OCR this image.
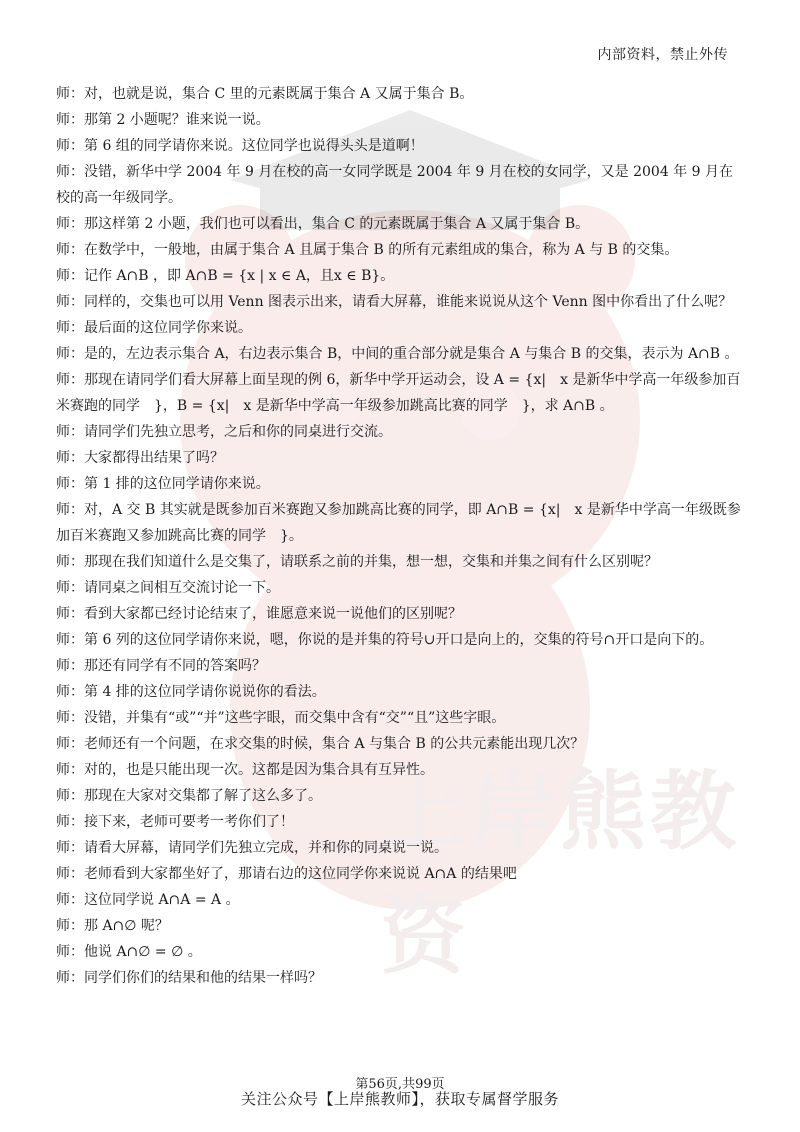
内部资料，禁止外传
上岸熊教资
师：对，也就是说，集合 C 里的元素既属于集合 A 又属于集合 B。
师：那第 2 小题呢？谁来说一说。
师：第 6 组的同学请你来说。这位同学也说得头头是道啊！
师：没错，新华中学 2004 年 9 月在校的高一女同学既是 2004 年 9 月在校的女同学，又是 2004 年 9 月在校的高一年级同学。
师：那这样第 2 小题，我们也可以看出，集合 C 的元素既属于集合 A 又属于集合 B。
师：在数学中，一般地，由属于集合 A 且属于集合 B 的所有元素组成的集合，称为 A 与 B 的交集。
师：记作 A∩B ，即 A∩B = {x | x ∈ A，且x ∈ B}。
师：同样的，交集也可以用 Venn 图表示出来，请看大屏幕，谁能来说说从这个 Venn 图中你看出了什么呢？
师：最后面的这位同学你来说。
师：是的，左边表示集合 A，右边表示集合 B，中间的重合部分就是集合 A 与集合 B 的交集，表示为 A∩B 。
师：那现在请同学们看大屏幕上面呈现的例 6，新华中学开运动会，设 A = {x|　x 是新华中学高一年级参加百米赛跑的同学　}，B = {x|　x 是新华中学高一年级参加跳高比赛的同学　}，求 A∩B 。
师：请同学们先独立思考，之后和你的同桌进行交流。
师：大家都得出结果了吗？
师：第 1 排的这位同学请你来说。
师：对，A 交 B 其实就是既参加百米赛跑又参加跳高比赛的同学，即 A∩B = {x|　x 是新华中学高一年级既参加百米赛跑又参加跳高比赛的同学　}。
师：那现在我们知道什么是交集了，请联系之前的并集，想一想，交集和并集之间有什么区别呢？
师：请同桌之间相互交流讨论一下。
师：看到大家都已经讨论结束了，谁愿意来说一说他们的区别呢？
师：第 6 列的这位同学请你来说，嗯，你说的是并集的符号∪开口是向上的，交集的符号∩开口是向下的。
师：那还有同学有不同的答案吗？
师：第 4 排的这位同学请你说说你的看法。
师：没错，并集有“或”“并”这些字眼，而交集中含有“交”“且”这些字眼。
师：老师还有一个问题，在求交集的时候，集合 A 与集合 B 的公共元素能出现几次？
师：对的，也是只能出现一次。这都是因为集合具有互异性。
师：那现在大家对交集都了解了这么多了。
师：接下来，老师可要考一考你们了！
师：请看大屏幕，请同学们先独立完成，并和你的同桌说一说。
师：老师看到大家都坐好了，那请右边的这位同学你来说说 A∩A 的结果吧
师：这位同学说 A∩A = A 。
师：那 A∩∅ 呢？
师：他说 A∩∅ = ∅ 。
师：同学们你们的结果和他的结果一样吗？
第56页,共99页
关注公众号【上岸熊教师】，获取专属督学服务
